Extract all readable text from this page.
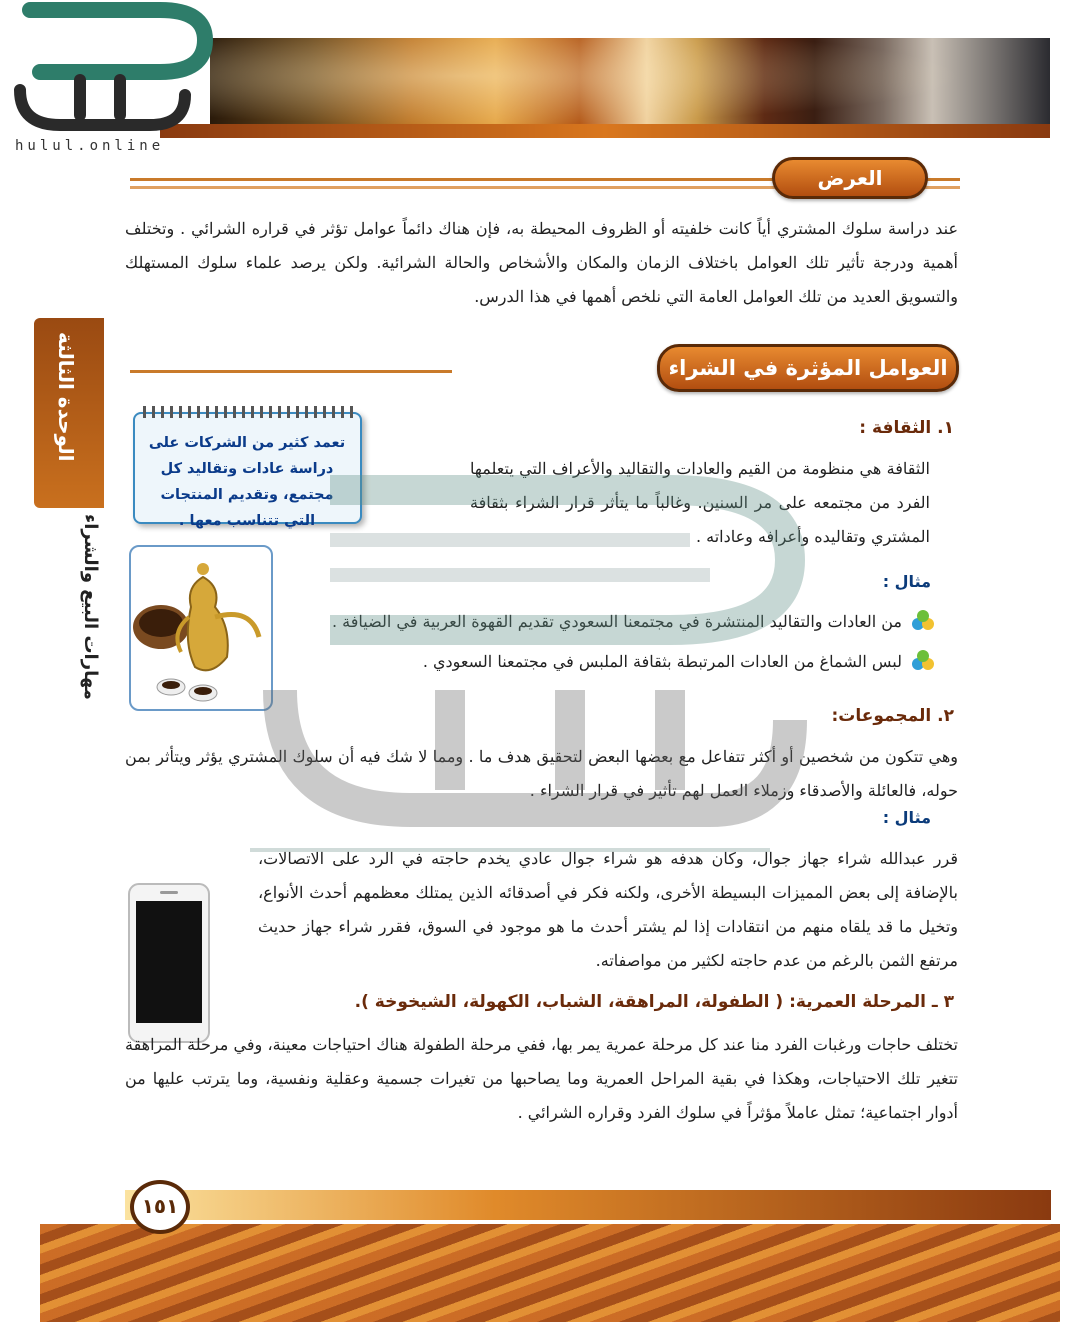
hulul.online
الوحدة الثالثة
مهارات البيع والشراء
العرض
عند دراسة سلوك المشتري أياً كانت خلفيته أو الظروف المحيطة به، فإن هناك دائماً عوامل تؤثر في قراره الشرائي . وتختلف أهمية ودرجة تأثير تلك العوامل باختلاف الزمان والمكان والأشخاص والحالة الشرائية. ولكن يرصد علماء سلوك المستهلك والتسويق العديد من تلك العوامل العامة التي نلخص أهمها في هذا الدرس.
العوامل المؤثرة في الشراء
تعمد كثير من الشركات على دراسة عادات وتقاليد كل مجتمع، وتقديم المنتجات التي تتناسب معها .
١. الثقافة :
الثقافة هي منظومة من القيم والعادات والتقاليد والأعراف التي يتعلمها الفرد من مجتمعه على مر السنين. وغالباً ما يتأثر قرار الشراء بثقافة المشتري وتقاليده وأعرافه وعاداته .
مثال :
من العادات والتقاليد المنتشرة في مجتمعنا السعودي تقديم القهوة العربية في الضيافة .
لبس الشماغ من العادات المرتبطة بثقافة الملبس في مجتمعنا السعودي .
٢. المجموعات:
وهي تتكون من شخصين أو أكثر تتفاعل مع بعضها البعض لتحقيق هدف ما . ومما لا شك فيه أن سلوك المشتري يؤثر ويتأثر بمن حوله، فالعائلة والأصدقاء وزملاء العمل لهم تأثير في قرار الشراء .
مثال :
قرر عبدالله شراء جهاز جوال، وكان هدفه هو شراء جوال عادي يخدم حاجته في الرد على الاتصالات، بالإضافة إلى بعض المميزات البسيطة الأخرى، ولكنه فكر في أصدقائه الذين يمتلك معظمهم أحدث الأنواع، وتخيل ما قد يلقاه منهم من انتقادات إذا لم يشتر أحدث ما هو موجود في السوق، فقرر شراء جهاز حديث مرتفع الثمن بالرغم من عدم حاجته لكثير من مواصفاته.
٣ ـ المرحلة العمرية: ( الطفولة، المراهقة، الشباب، الكهولة، الشيخوخة ).
تختلف حاجات ورغبات الفرد منا عند كل مرحلة عمرية يمر بها، ففي مرحلة الطفولة هناك احتياجات معينة، وفي مرحلة المراهقة تتغير تلك الاحتياجات، وهكذا في بقية المراحل العمرية وما يصاحبها من تغيرات جسمية وعقلية ونفسية، وما يترتب عليها من أدوار اجتماعية؛ تمثل عاملاً مؤثراً في سلوك الفرد وقراره الشرائي .
١٥١
